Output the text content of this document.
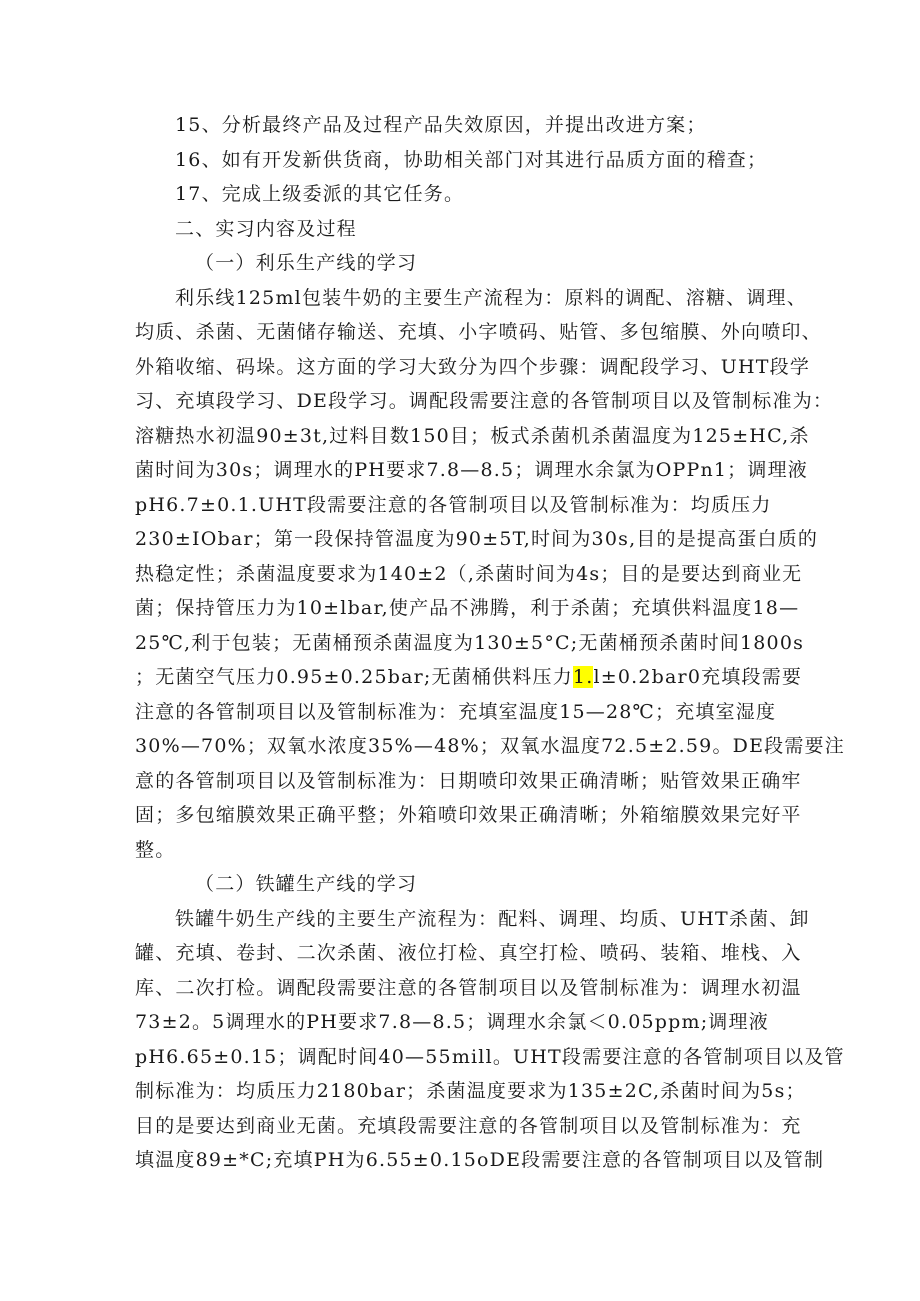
15、分析最终产品及过程产品失效原因，并提出改进方案；
16、如有开发新供货商，协助相关部门对其进行品质方面的稽查；
17、完成上级委派的其它任务。
二、实习内容及过程
（一）利乐生产线的学习
利乐线125ml包装牛奶的主要生产流程为：原料的调配、溶糖、调理、
均质、杀菌、无菌储存输送、充填、小字喷码、贴管、多包缩膜、外向喷印、
外箱收缩、码垛。这方面的学习大致分为四个步骤：调配段学习、UHT段学
习、充填段学习、DE段学习。调配段需要注意的各管制项目以及管制标准为：
溶糖热水初温90±3t,过料目数150目；板式杀菌机杀菌温度为125±HC,杀
菌时间为30s；调理水的PH要求7.8—8.5；调理水余氯为OPPn1；调理液
pH6.7±0.1.UHT段需要注意的各管制项目以及管制标准为：均质压力
230±IObar；第一段保持管温度为90±5T,时间为30s,目的是提高蛋白质的
热稳定性；杀菌温度要求为140±2（,杀菌时间为4s；目的是要达到商业无
菌；保持管压力为10±lbar,使产品不沸腾，利于杀菌；充填供料温度18—
25℃,利于包装；无菌桶预杀菌温度为130±5°C;无菌桶预杀菌时间1800s
；无菌空气压力0.95±0.25bar;无菌桶供料压力1.l±0.2bar0充填段需要
注意的各管制项目以及管制标准为：充填室温度15—28℃；充填室湿度
30%—70%；双氧水浓度35%—48%；双氧水温度72.5±2.59。DE段需要注
意的各管制项目以及管制标准为：日期喷印效果正确清晰；贴管效果正确牢
固；多包缩膜效果正确平整；外箱喷印效果正确清晰；外箱缩膜效果完好平
整。
（二）铁罐生产线的学习
铁罐牛奶生产线的主要生产流程为：配料、调理、均质、UHT杀菌、卸
罐、充填、卷封、二次杀菌、液位打检、真空打检、喷码、装箱、堆栈、入
库、二次打检。调配段需要注意的各管制项目以及管制标准为：调理水初温
73±2。5调理水的PH要求7.8—8.5；调理水余氯＜0.05ppm;调理液
pH6.65±0.15；调配时间40—55mill。UHT段需要注意的各管制项目以及管
制标准为：均质压力2180bar；杀菌温度要求为135±2C,杀菌时间为5s；
目的是要达到商业无菌。充填段需要注意的各管制项目以及管制标准为：充
填温度89±*C;充填PH为6.55±0.15oDE段需要注意的各管制项目以及管制
